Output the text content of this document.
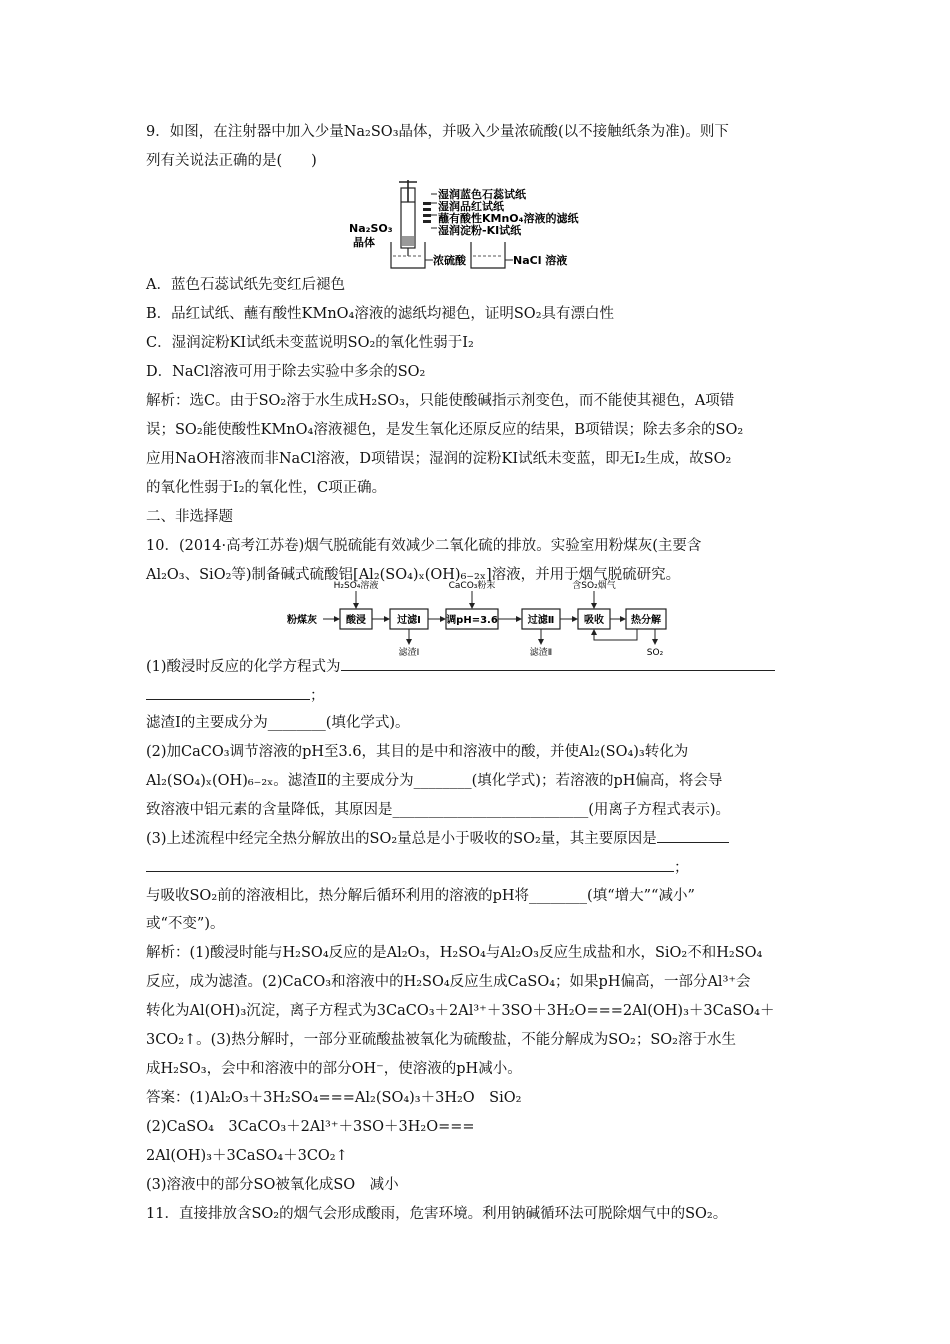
9．如图，在注射器中加入少量Na₂SO₃晶体，并吸入少量浓硫酸(以不接触纸条为准)。则下
列有关说法正确的是(　　)
湿润蓝色石蕊试纸
湿润品红试纸
蘸有酸性KMnO₄溶液的滤纸
湿润淀粉-KI试纸
Na₂SO₃
晶体
浓硫酸	NaCl 溶液
A．蓝色石蕊试纸先变红后褪色
B．品红试纸、蘸有酸性KMnO₄溶液的滤纸均褪色，证明SO₂具有漂白性
C．湿润淀粉KI试纸未变蓝说明SO₂的氧化性弱于I₂
D．NaCl溶液可用于除去实验中多余的SO₂
解析：选C。由于SO₂溶于水生成H₂SO₃，只能使酸碱指示剂变色，而不能使其褪色，A项错
误；SO₂能使酸性KMnO₄溶液褪色，是发生氧化还原反应的结果，B项错误；除去多余的SO₂
应用NaOH溶液而非NaCl溶液，D项错误；湿润的淀粉KI试纸未变蓝，即无I₂生成，故SO₂
的氧化性弱于I₂的氧化性，C项正确。
二、非选择题
10．(2014·高考江苏卷)烟气脱硫能有效减少二氧化硫的排放。实验室用粉煤灰(主要含
Al₂O₃、SiO₂等)制备碱式硫酸铝[Al₂(SO₄)ₓ(OH)₆₋₂ₓ]溶液，并用于烟气脱硫研究。
粉煤灰	酸浸	过滤Ⅰ	调pH=3.6	过滤Ⅱ	吸收	热分解
H₂SO₄溶液	CaCO₃粉末	含SO₂烟气
滤渣Ⅰ	滤渣Ⅱ	SO₂
(1)酸浸时反应的化学方程式为
；
滤渣Ⅰ的主要成分为________(填化学式)。
(2)加CaCO₃调节溶液的pH至3.6，其目的是中和溶液中的酸，并使Al₂(SO₄)₃转化为
Al₂(SO₄)ₓ(OH)₆₋₂ₓ。滤渣Ⅱ的主要成分为________(填化学式)；若溶液的pH偏高，将会导
致溶液中铝元素的含量降低，其原因是___________________________(用离子方程式表示)。
(3)上述流程中经完全热分解放出的SO₂量总是小于吸收的SO₂量，其主要原因是
；
与吸收SO₂前的溶液相比，热分解后循环利用的溶液的pH将________(填“增大”“减小”
或“不变”)。
解析：(1)酸浸时能与H₂SO₄反应的是Al₂O₃，H₂SO₄与Al₂O₃反应生成盐和水，SiO₂不和H₂SO₄
反应，成为滤渣。(2)CaCO₃和溶液中的H₂SO₄反应生成CaSO₄；如果pH偏高，一部分Al³⁺会
转化为Al(OH)₃沉淀，离子方程式为3CaCO₃＋2Al³⁺＋3SO＋3H₂O===2Al(OH)₃＋3CaSO₄＋
3CO₂↑。(3)热分解时，一部分亚硫酸盐被氧化为硫酸盐，不能分解成为SO₂；SO₂溶于水生
成H₂SO₃，会中和溶液中的部分OH⁻，使溶液的pH减小。
答案：(1)Al₂O₃＋3H₂SO₄===Al₂(SO₄)₃＋3H₂O　SiO₂
(2)CaSO₄　3CaCO₃＋2Al³⁺＋3SO＋3H₂O===
2Al(OH)₃＋3CaSO₄＋3CO₂↑
(3)溶液中的部分SO被氧化成SO　减小
11．直接排放含SO₂的烟气会形成酸雨，危害环境。利用钠碱循环法可脱除烟气中的SO₂。
